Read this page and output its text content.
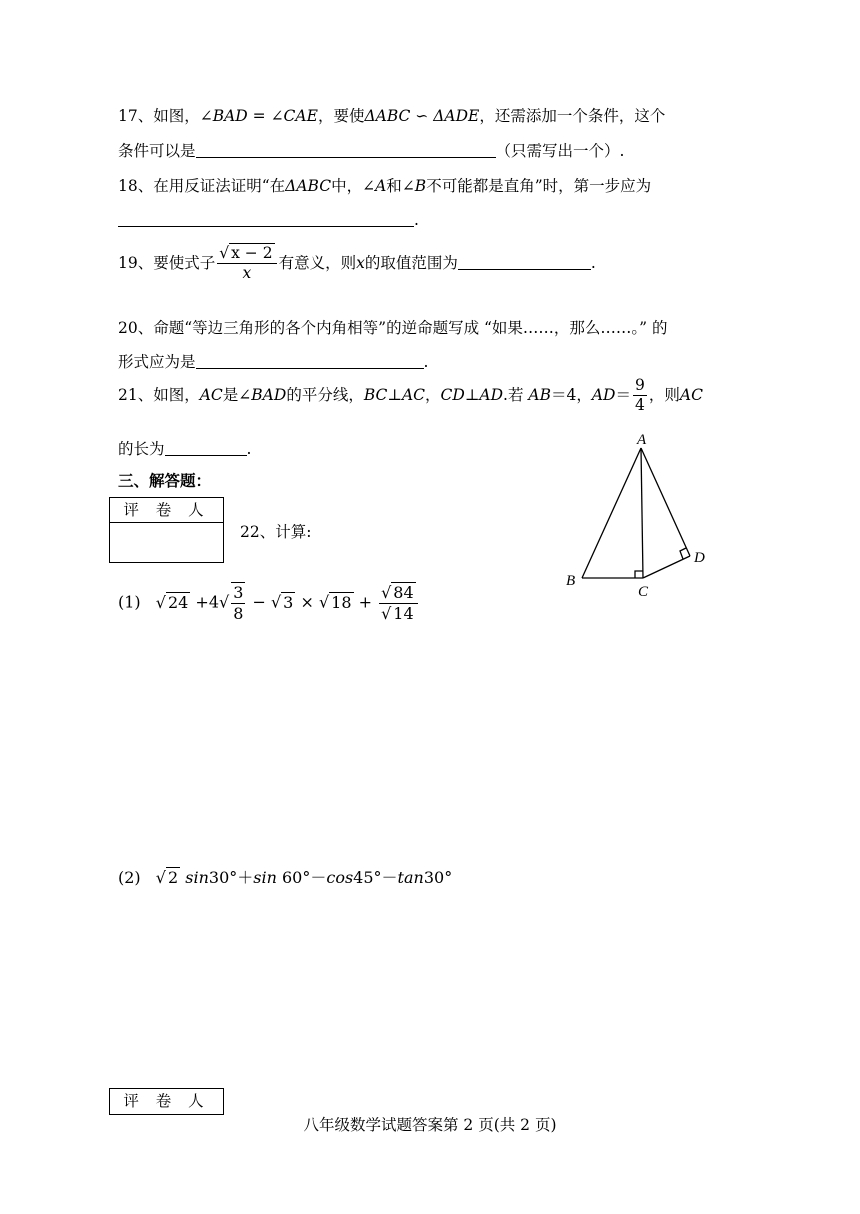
17、如图，∠BAD = ∠CAE，要使ΔABC ∽ ΔADE，还需添加一个条件，这个
条件可以是	（只需写出一个）.
18、在用反证法证明“在ΔABC中，∠A和∠B不可能都是直角”时，第一步应为
.
19、要使式子 $\frac{√ x - 2}{x}$ 有意义，则x的取值范围为	.
20、命题“等边三角形的各个内角相等”的逆命题写成 “如果……，那么……。” 的
形式应为是	.
21、如图，AC是∠BAD的平分线，BC⊥AC，CD⊥AD.若 AB＝4，$AD= \frac{9}{4}$ ，则AC
的长为	.	A
B
C
D
三、解答题：
评 卷 人
22、计算:
(1) √ $24 +4√ \frac{3}{8}$ − √ 3 × √ $18 + \frac{√ 84}{√ 14}$
(2) √ 2 sin30°＋sin 60°－cos45°－tan30°
评 卷 人
八年级数学试题答案第 2 页(共 2 页)
